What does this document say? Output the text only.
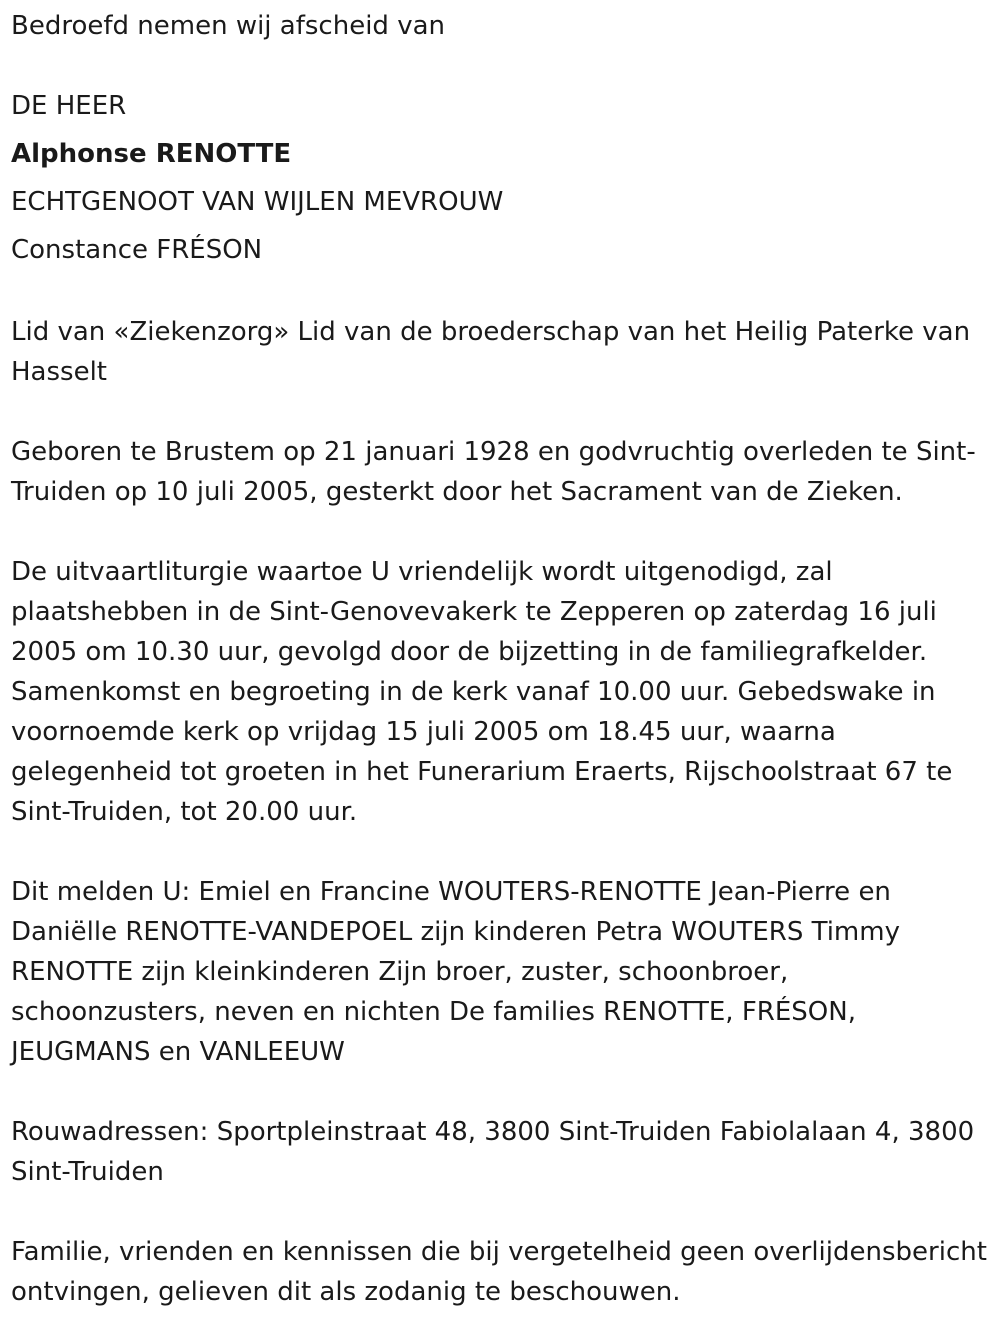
Bedroefd nemen wij afscheid van
DE HEER
Alphonse RENOTTE
ECHTGENOOT VAN WIJLEN MEVROUW
Constance FRÉSON
Lid van «Ziekenzorg» Lid van de broederschap van het Heilig Paterke van Hasselt
Geboren te Brustem op 21 januari 1928 en godvruchtig overleden te Sint-Truiden op 10 juli 2005, gesterkt door het Sacrament van de Zieken.
De uitvaartliturgie waartoe U vriendelijk wordt uitgenodigd, zal plaatshebben in de Sint-Genovevakerk te Zepperen op zaterdag 16 juli 2005 om 10.30 uur, gevolgd door de bijzetting in de familiegrafkelder. Samenkomst en begroeting in de kerk vanaf 10.00 uur. Gebedswake in voornoemde kerk op vrijdag 15 juli 2005 om 18.45 uur, waarna gelegenheid tot groeten in het Funerarium Eraerts, Rijschoolstraat 67 te Sint-Truiden, tot 20.00 uur.
Dit melden U: Emiel en Francine WOUTERS-RENOTTE Jean-Pierre en Daniëlle RENOTTE-VANDEPOEL zijn kinderen Petra WOUTERS Timmy RENOTTE zijn kleinkinderen Zijn broer, zuster, schoonbroer, schoonzusters, neven en nichten De families RENOTTE, FRÉSON, JEUGMANS en VANLEEUW
Rouwadressen: Sportpleinstraat 48, 3800 Sint-Truiden Fabiolalaan 4, 3800 Sint-Truiden
Familie, vrienden en kennissen die bij vergetelheid geen overlijdensbericht ontvingen, gelieven dit als zodanig te beschouwen.
